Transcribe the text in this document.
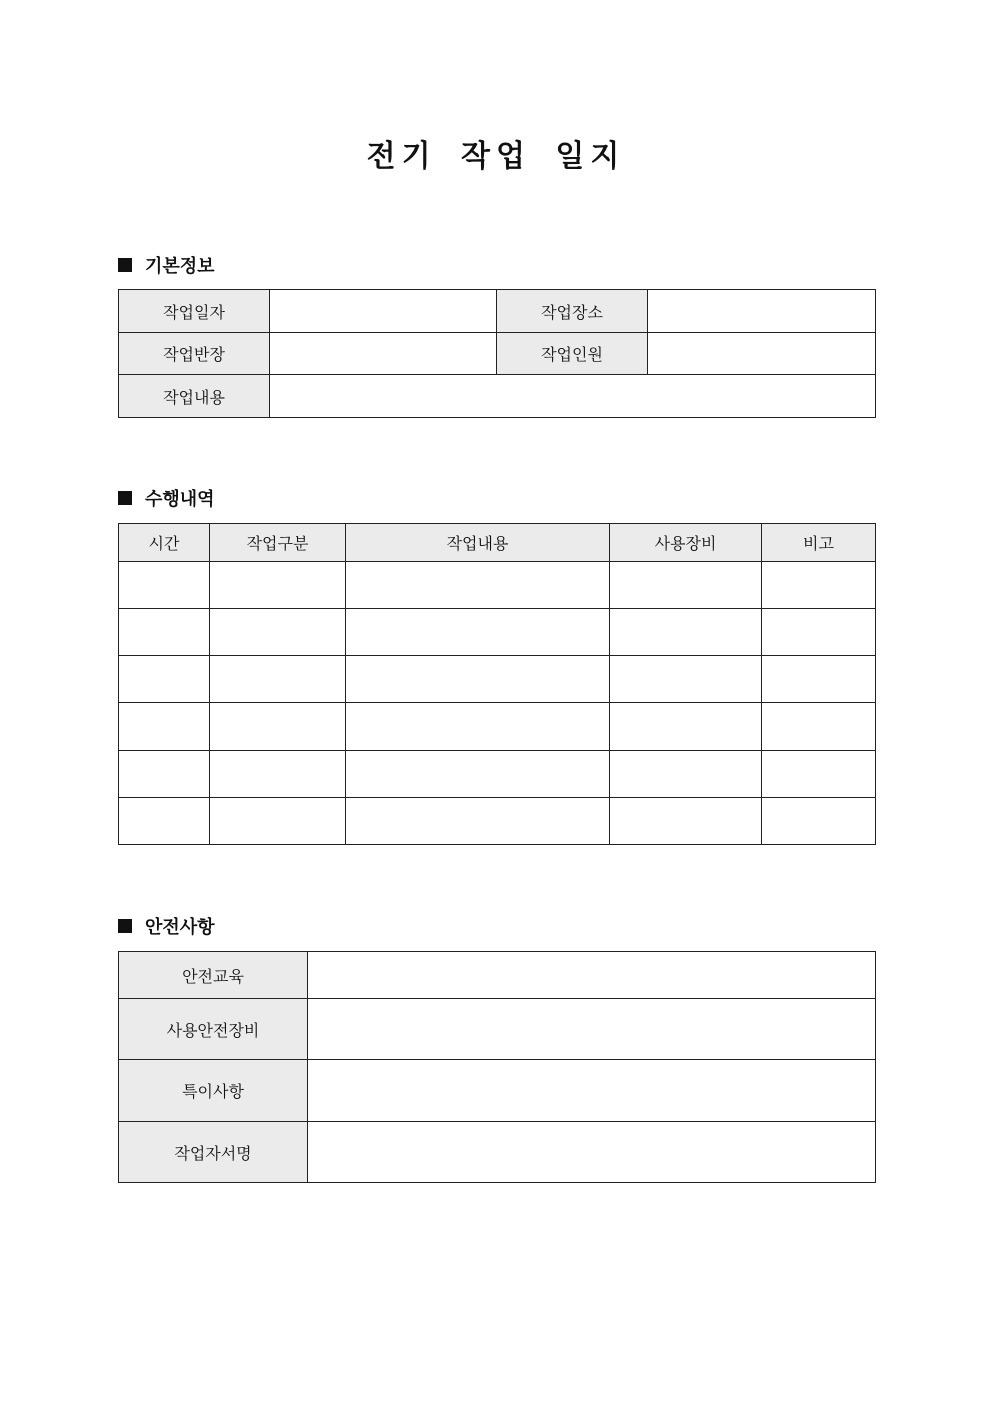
전기 작업 일지
기본정보
작업일자		작업장소	
작업반장		작업인원	
작업내용			
수행내역
시간	작업구분	작업내용	사용장비	비고

안전사항
안전교육	
사용안전장비	
특이사항	
작업자서명	
